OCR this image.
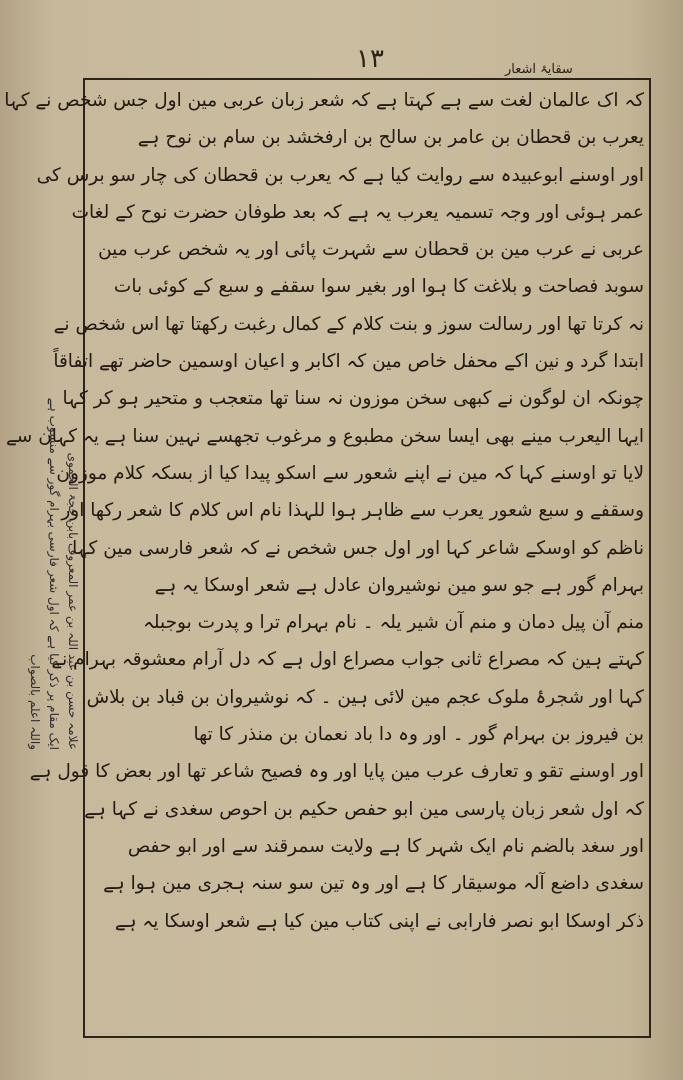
١٣	سقایۂ اشعار
علامہ حسن بن عبد اللہ بن عمر المعروف بابن حجۃ الحموی
ایک مقام پر ذکر کیا ہے کہ اول شعر فارسی بہرام گور سے منسوب ہے
واللہ اعلم بالصواب
کہ اک عالمان لغت سے ہے کہتا ہے کہ شعر زبان عربی مین اول جس شخص نے کہا
یعرب بن قحطان بن عامر بن سالح بن ارفخشد بن سام بن نوح ہے
اور اوسنے ابوعبیدہ سے روایت کیا ہے کہ یعرب بن قحطان کی چار سو برس کی
عمر ہوئی اور وجہ تسمیہ یعرب یہ ہے کہ بعد طوفان حضرت نوح کے لغات
عربی نے عرب مین بن قحطان سے شہرت پائی اور یہ شخص عرب مین
سوبد فصاحت و بلاغت کا ہوا اور بغیر سوا سقفے و سبع کے کوئی بات
نہ کرتا تھا اور رسالت سوز و بنت کلام کے کمال رغبت رکھتا تھا اس شخص نے
ابتدا گرد و نین اکے محفل خاص مین کہ اکابر و اعیان اوسمین حاضر تھے اتفاقاً
چونکہ ان لوگون نے کبھی سخن موزون نہ سنا تھا متعجب و متحیر ہو کر کہا
ایہا الیعرب مینے بھی ایسا سخن مطبوع و مرغوب تجھسے نہین سنا ہے یہ کہان سے
لایا تو اوسنے کہا کہ مین نے اپنے شعور سے اسکو پیدا کیا از بسکہ کلام موزون
وسقفے و سبع شعور یعرب سے ظاہر ہوا للہذا نام اس کلام کا شعر رکھا اور
ناظم کو اوسکے شاعر کہا اور اول جس شخص نے کہ شعر فارسی مین کہا
بہرام گور ہے جو سو مین نوشیروان عادل ہے شعر اوسکا یہ ہے
منم آن پیل دمان و منم آن شیر یلہ ۔ نام بہرام ترا و پدرت بوجبلہ
کہتے ہین کہ مصراع ثانی جواب مصراع اول ہے کہ دل آرام معشوقہ بہرام نے
کہا اور شجرۂ ملوک عجم مین لائی ہین ۔ کہ نوشیروان بن قباد بن بلاش
بن فیروز بن بہرام گور ۔ اور وہ دا باد نعمان بن منذر کا تھا
اور اوسنے تقو و تعارف عرب مین پایا اور وہ فصیح شاعر تھا اور بعض کا قول ہے
کہ اول شعر زبان پارسی مین ابو حفص حکیم بن احوص سغدی نے کہا ہے
اور سغد بالضم نام ایک شہر کا ہے ولایت سمرقند سے اور ابو حفص
سغدی داضع آلہ موسیقار کا ہے اور وہ تین سو سنہ ہجری مین ہوا ہے
ذکر اوسکا ابو نصر فارابی نے اپنی کتاب مین کیا ہے شعر اوسکا یہ ہے
